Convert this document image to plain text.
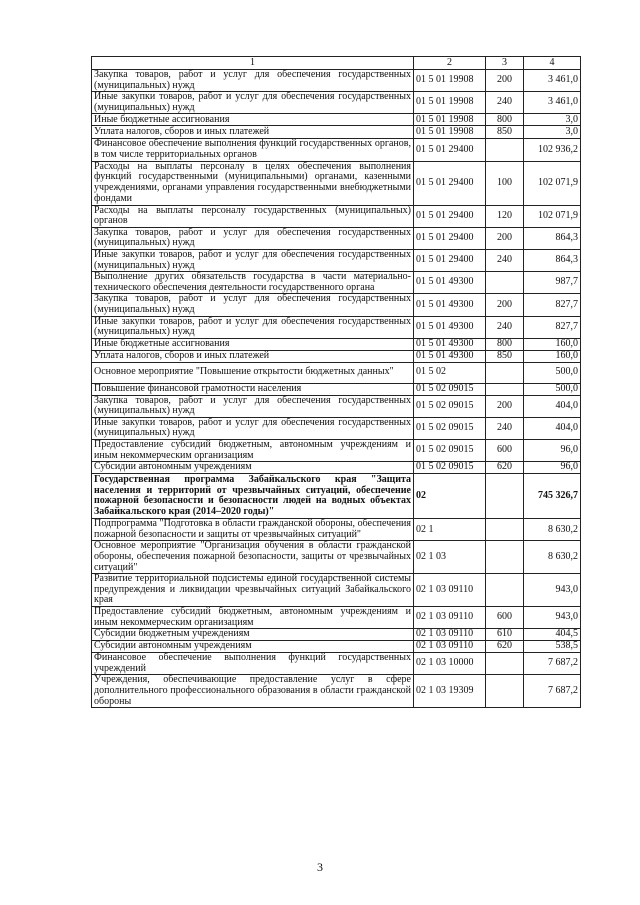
1	2	3	4
Закупка товаров, работ и услуг для обеспечения государственных (муниципальных) нужд	01 5 01 19908	200	3 461,0
Иные закупки товаров, работ и услуг для обеспечения государственных (муниципальных) нужд	01 5 01 19908	240	3 461,0
Иные бюджетные ассигнования	01 5 01 19908	800	3,0
Уплата налогов, сборов и иных платежей	01 5 01 19908	850	3,0
Финансовое обеспечение выполнения функций государственных органов, в том числе территориальных органов	01 5 01 29400		102 936,2
Расходы на выплаты персоналу в целях обеспечения выполнения функций государственными (муниципальными) органами, казенными учреждениями, органами управления государственными внебюджетными фондами	01 5 01 29400	100	102 071,9
Расходы на выплаты персоналу государственных (муниципальных) органов	01 5 01 29400	120	102 071,9
Закупка товаров, работ и услуг для обеспечения государственных (муниципальных) нужд	01 5 01 29400	200	864,3
Иные закупки товаров, работ и услуг для обеспечения государственных (муниципальных) нужд	01 5 01 29400	240	864,3
Выполнение других обязательств государства в части материально-технического обеспечения деятельности государственного органа	01 5 01 49300		987,7
Закупка товаров, работ и услуг для обеспечения государственных (муниципальных) нужд	01 5 01 49300	200	827,7
Иные закупки товаров, работ и услуг для обеспечения государственных (муниципальных) нужд	01 5 01 49300	240	827,7
Иные бюджетные ассигнования	01 5 01 49300	800	160,0
Уплата налогов, сборов и иных платежей	01 5 01 49300	850	160,0
Основное мероприятие "Повышение открытости бюджетных данных"	01 5 02		500,0
Повышение финансовой грамотности населения	01 5 02 09015		500,0
Закупка товаров, работ и услуг для обеспечения государственных (муниципальных) нужд	01 5 02 09015	200	404,0
Иные закупки товаров, работ и услуг для обеспечения государственных (муниципальных) нужд	01 5 02 09015	240	404,0
Предоставление субсидий бюджетным, автономным учреждениям и иным некоммерческим организациям	01 5 02 09015	600	96,0
Субсидии автономным учреждениям	01 5 02 09015	620	96,0
Государственная программа Забайкальского края "Защита населения и территорий от чрезвычайных ситуаций, обеспечение пожарной безопасности и безопасности людей на водных объектах Забайкальского края (2014–2020 годы)"	02		745 326,7
Подпрограмма "Подготовка в области гражданской обороны, обеспечения пожарной безопасности и защиты от чрезвычайных ситуаций"	02 1		8 630,2
Основное мероприятие "Организация обучения в области гражданской обороны, обеспечения пожарной безопасности, защиты от чрезвычайных ситуаций"	02 1 03		8 630,2
Развитие территориальной подсистемы единой государственной системы предупреждения и ликвидации чрезвычайных ситуаций Забайкальского края	02 1 03 09110		943,0
Предоставление субсидий бюджетным, автономным учреждениям и иным некоммерческим организациям	02 1 03 09110	600	943,0
Субсидии бюджетным учреждениям	02 1 03 09110	610	404,5
Субсидии автономным учреждениям	02 1 03 09110	620	538,5
Финансовое обеспечение выполнения функций государственных учреждений	02 1 03 10000		7 687,2
Учреждения, обеспечивающие предоставление услуг в сфере дополнительного профессионального образования в области гражданской обороны	02 1 03 19309		7 687,2
3
